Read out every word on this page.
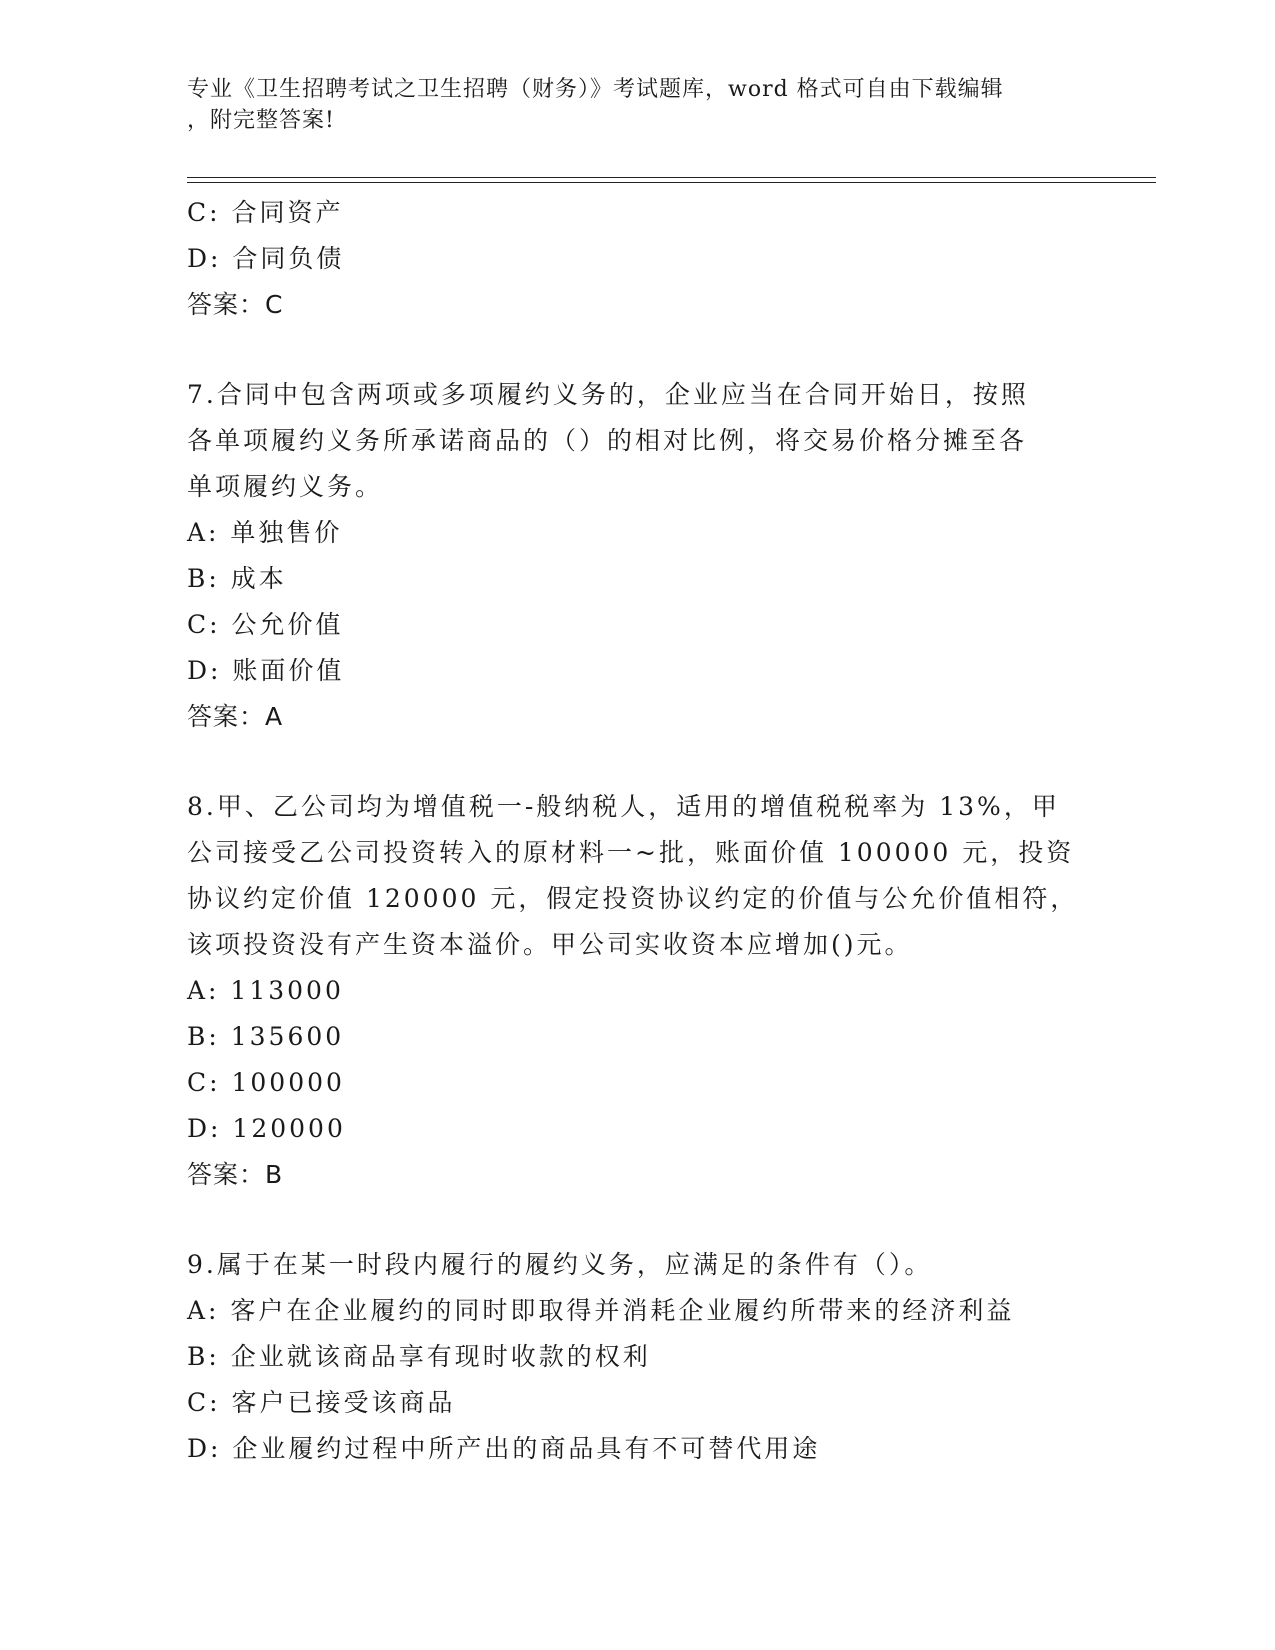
专业《卫生招聘考试之卫生招聘（财务）》考试题库，word 格式可自由下载编辑
，附完整答案!
C: 合同资产
D: 合同负债
答案：C
7.合同中包含两项或多项履约义务的，企业应当在合同开始日，按照
各单项履约义务所承诺商品的（）的相对比例，将交易价格分摊至各
单项履约义务。
A: 单独售价
B: 成本
C: 公允价值
D: 账面价值
答案：A
8.甲、乙公司均为增值税一-般纳税人，适用的增值税税率为 13%，甲
公司接受乙公司投资转入的原材料一~批，账面价值 100000 元，投资
协议约定价值 120000 元，假定投资协议约定的价值与公允价值相符，
该项投资没有产生资本溢价。甲公司实收资本应增加()元。
A: 113000
B: 135600
C: 100000
D: 120000
答案：B
9.属于在某一时段内履行的履约义务，应满足的条件有（）。
A: 客户在企业履约的同时即取得并消耗企业履约所带来的经济利益
B: 企业就该商品享有现时收款的权利
C: 客户已接受该商品
D: 企业履约过程中所产出的商品具有不可替代用途
